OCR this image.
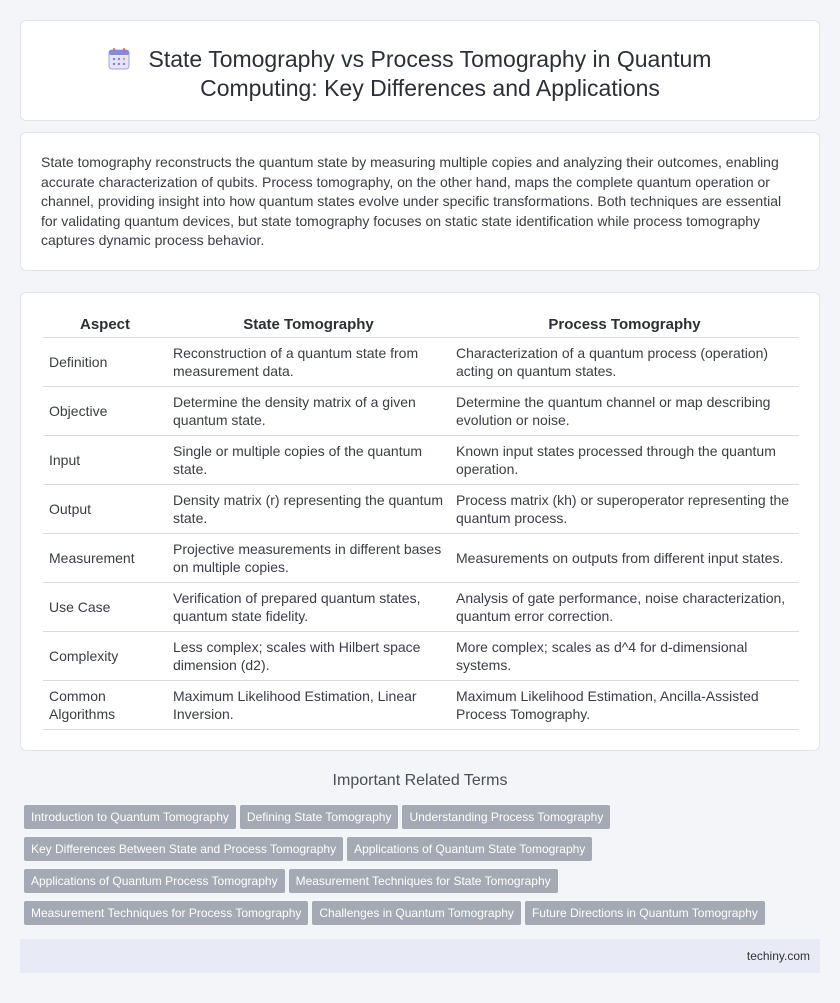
State Tomography vs Process Tomography in Quantum Computing: Key Differences and Applications

State tomography reconstructs the quantum state by measuring multiple copies and analyzing their outcomes, enabling accurate characterization of qubits. Process tomography, on the other hand, maps the complete quantum operation or channel, providing insight into how quantum states evolve under specific transformations. Both techniques are essential for validating quantum devices, but state tomography focuses on static state identification while process tomography captures dynamic process behavior.

Aspect	State Tomography	Process Tomography
Definition	Reconstruction of a quantum state from measurement data.	Characterization of a quantum process (operation) acting on quantum states.
Objective	Determine the density matrix of a given quantum state.	Determine the quantum channel or map describing evolution or noise.
Input	Single or multiple copies of the quantum state.	Known input states processed through the quantum operation.
Output	Density matrix (r) representing the quantum state.	Process matrix (kh) or superoperator representing the quantum process.
Measurement	Projective measurements in different bases on multiple copies.	Measurements on outputs from different input states.
Use Case	Verification of prepared quantum states, quantum state fidelity.	Analysis of gate performance, noise characterization, quantum error correction.
Complexity	Less complex; scales with Hilbert space dimension (d2).	More complex; scales as d^4 for d-dimensional systems.
Common Algorithms	Maximum Likelihood Estimation, Linear Inversion.	Maximum Likelihood Estimation, Ancilla-Assisted Process Tomography.
Important Related Terms
Introduction to Quantum Tomography Defining State Tomography Understanding Process Tomography
Key Differences Between State and Process Tomography Applications of Quantum State Tomography
Applications of Quantum Process Tomography Measurement Techniques for State Tomography
Measurement Techniques for Process Tomography Challenges in Quantum Tomography Future Directions in Quantum Tomography
techiny.com
